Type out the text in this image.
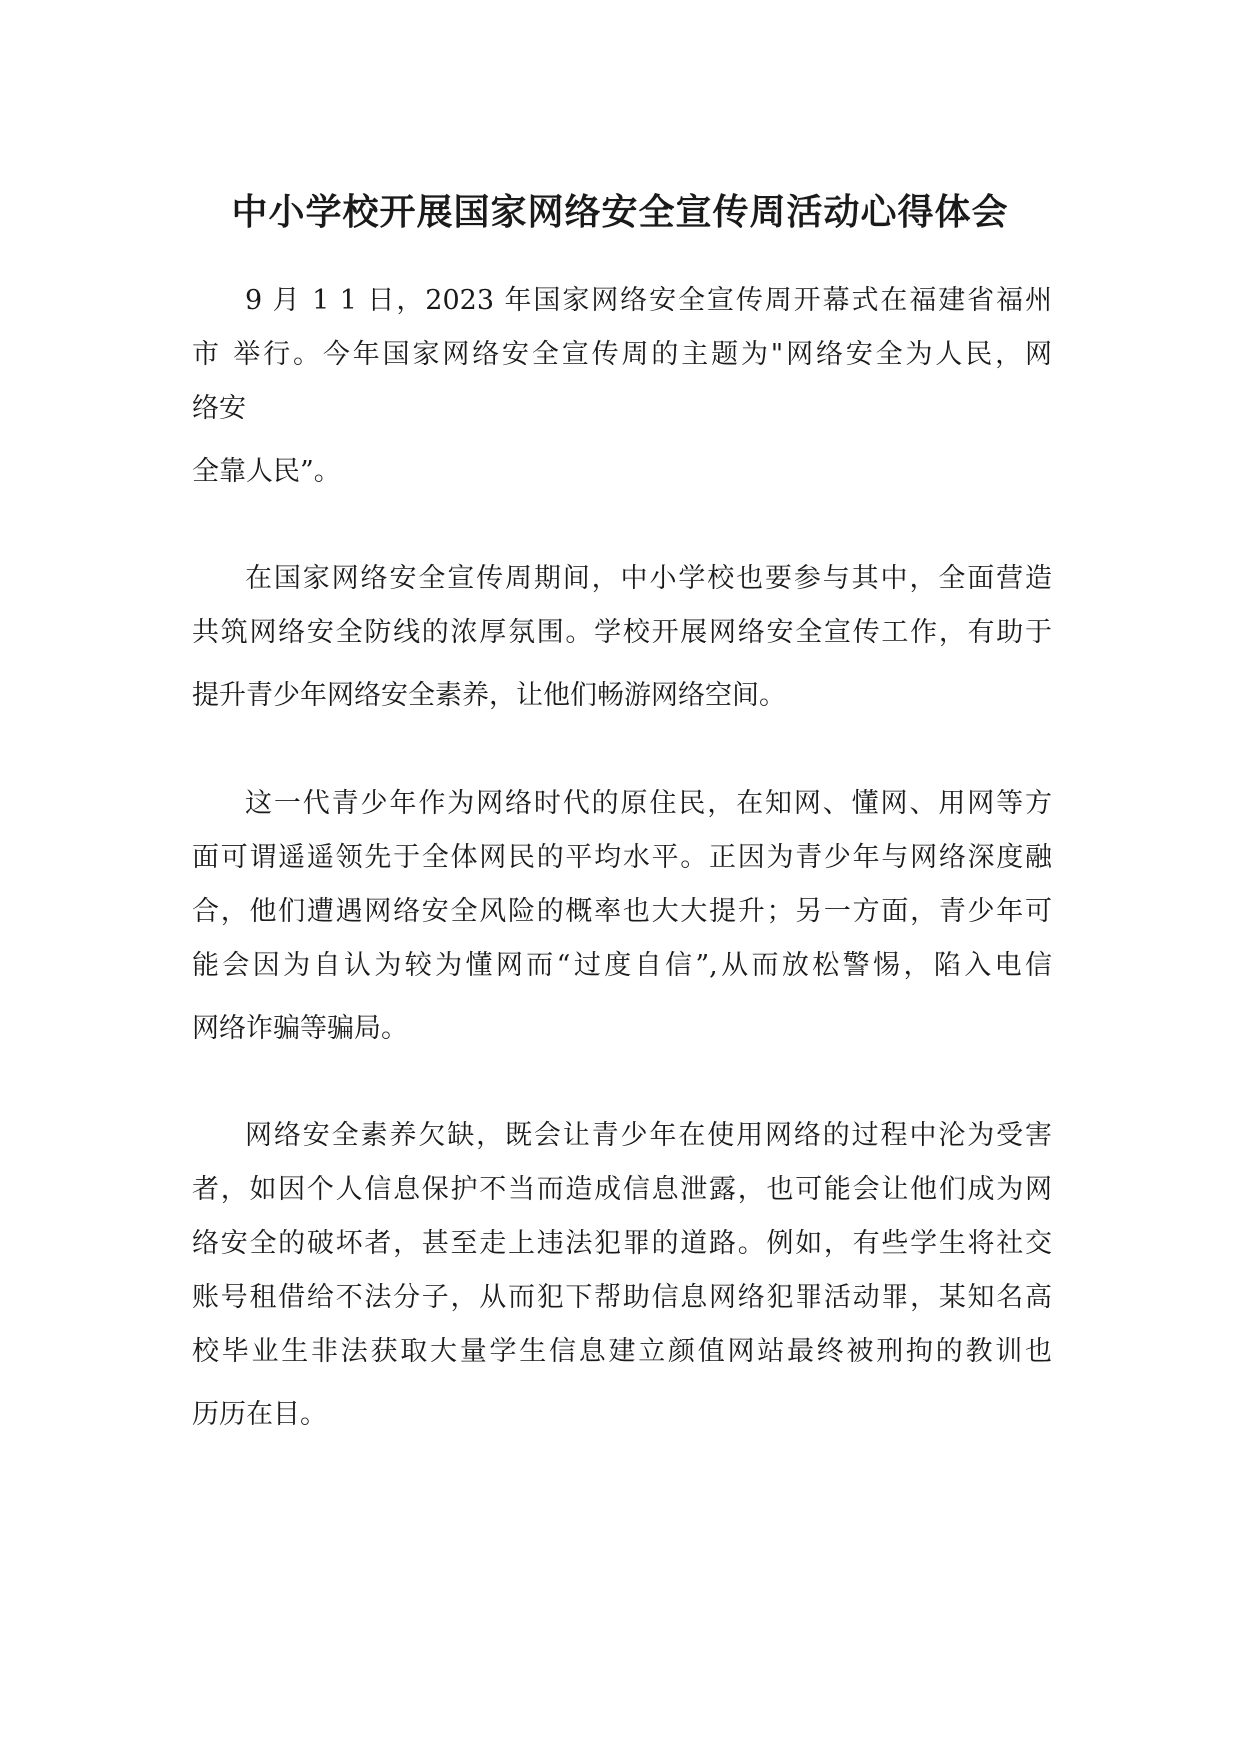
中小学校开展国家网络安全宣传周活动心得体会

9 月 1 1 日，2023 年国家网络安全宣传周开幕式在福建省福州

市 举行。今年国家网络安全宣传周的主题为"网络安全为人民，网

络安

全靠人民”。

在国家网络安全宣传周期间，中小学校也要参与其中，全面营造

共筑网络安全防线的浓厚氛围。学校开展网络安全宣传工作，有助于

提升青少年网络安全素养，让他们畅游网络空间。

这一代青少年作为网络时代的原住民，在知网、懂网、用网等方

面可谓遥遥领先于全体网民的平均水平。正因为青少年与网络深度融

合，他们遭遇网络安全风险的概率也大大提升；另一方面，青少年可

能会因为自认为较为懂网而“过度自信”,从而放松警惕，陷入电信

网络诈骗等骗局。

网络安全素养欠缺，既会让青少年在使用网络的过程中沦为受害

者，如因个人信息保护不当而造成信息泄露，也可能会让他们成为网

络安全的破坏者，甚至走上违法犯罪的道路。例如，有些学生将社交

账号租借给不法分子，从而犯下帮助信息网络犯罪活动罪，某知名高

校毕业生非法获取大量学生信息建立颜值网站最终被刑拘的教训也

历历在目。
